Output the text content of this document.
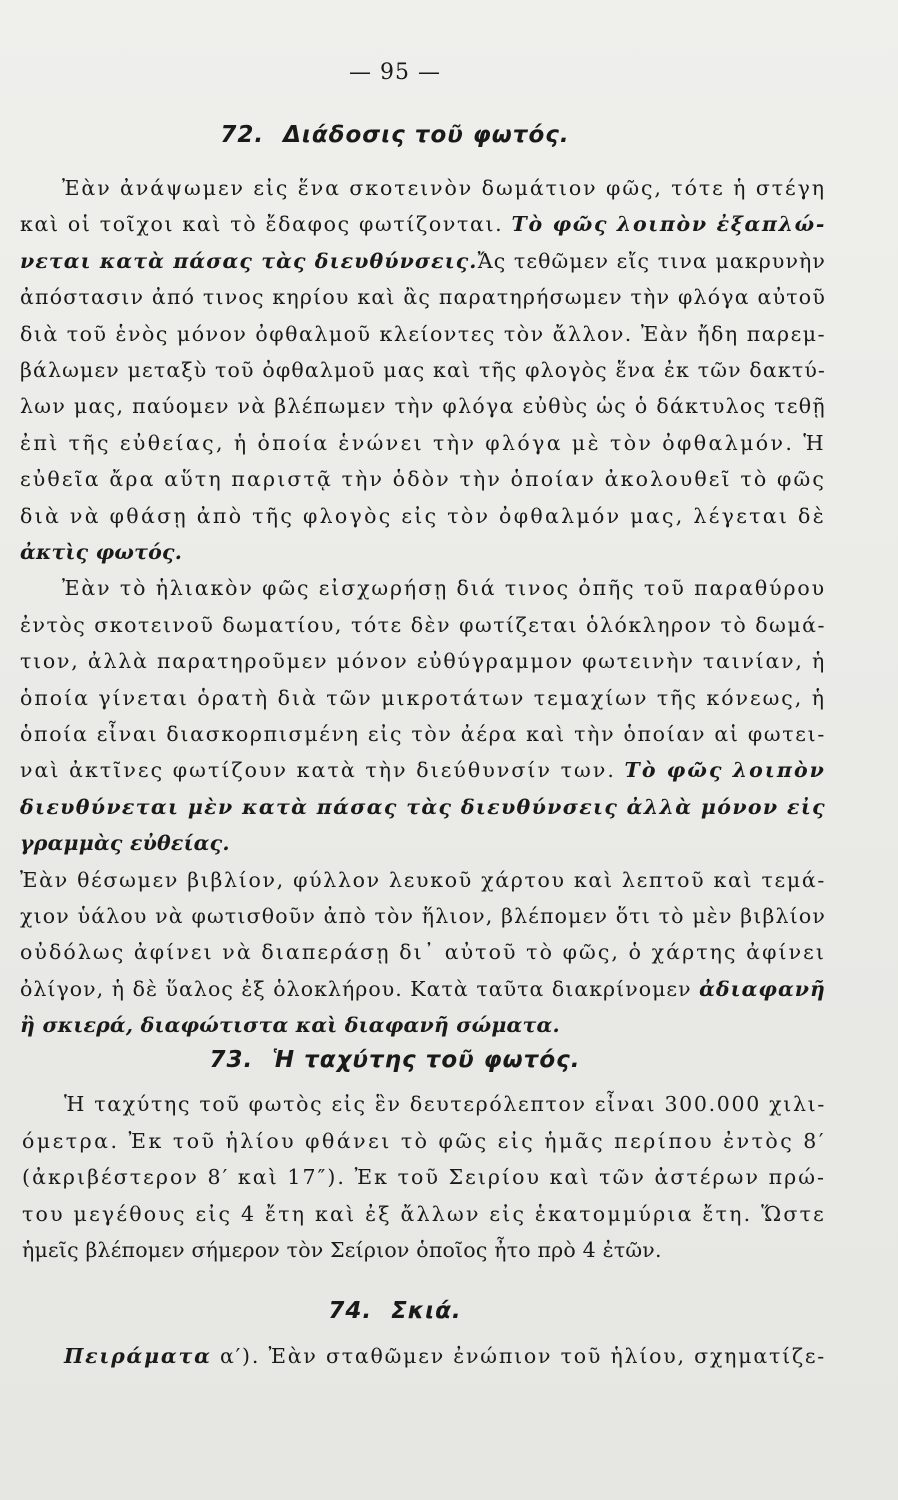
— 95 —
72. Διάδοσις τοῦ φωτός.
Ἐὰν ἀνάψωμεν εἰς ἕνα σκοτεινὸν δωμάτιον φῶς, τότε ἡ στέγη
καὶ οἱ τοῖχοι καὶ τὸ ἔδαφος φωτίζονται. Τὸ φῶς λοιπὸν ἐξαπλώ-
νεται κατὰ πάσας τὰς διευθύνσεις.Ἄς τεθῶμεν εἴς τινα μακρυνὴν
ἀπόστασιν ἀπό τινος κηρίου καὶ ἂς παρατηρήσωμεν τὴν φλόγα αὐτοῦ
διὰ τοῦ ἑνὸς μόνον ὀφθαλμοῦ κλείοντες τὸν ἄλλον. Ἐὰν ἤδη παρεμ-
βάλωμεν μεταξὺ τοῦ ὀφθαλμοῦ μας καὶ τῆς φλογὸς ἕνα ἐκ τῶν δακτύ-
λων μας, παύομεν νὰ βλέπωμεν τὴν φλόγα εὐθὺς ὡς ὁ δάκτυλος τεθῇ
ἐπὶ τῆς εὐθείας, ἡ ὁποία ἑνώνει τὴν φλόγα μὲ τὸν ὀφθαλμόν. Ἡ
εὐθεῖα ἄρα αὕτη παριστᾷ τὴν ὁδὸν τὴν ὁποίαν ἀκολουθεῖ τὸ φῶς
διὰ νὰ φθάσῃ ἀπὸ τῆς φλογὸς εἰς τὸν ὀφθαλμόν μας, λέγεται δὲ
ἀκτὶς φωτός.
Ἐὰν τὸ ἡλιακὸν φῶς εἰσχωρήσῃ διά τινος ὀπῆς τοῦ παραθύρου
ἐντὸς σκοτεινοῦ δωματίου, τότε δὲν φωτίζεται ὁλόκληρον τὸ δωμά-
τιον, ἀλλὰ παρατηροῦμεν μόνον εὐθύγραμμον φωτεινὴν ταινίαν, ἡ
ὁποία γίνεται ὁρατὴ διὰ τῶν μικροτάτων τεμαχίων τῆς κόνεως, ἡ
ὁποία εἶναι διασκορπισμένη εἰς τὸν ἀέρα καὶ τὴν ὁποίαν αἱ φωτει-
ναὶ ἀκτῖνες φωτίζουν κατὰ τὴν διεύθυνσίν των. Τὸ φῶς λοιπὸν
διευθύνεται μὲν κατὰ πάσας τὰς διευθύνσεις ἀλλὰ μόνον εἰς
γραμμὰς εὐθείας.
Ἐὰν θέσωμεν βιβλίον, φύλλον λευκοῦ χάρτου καὶ λεπτοῦ καὶ τεμά-
χιον ὑάλου νὰ φωτισθοῦν ἀπὸ τὸν ἥλιον, βλέπομεν ὅτι τὸ μὲν βιβλίον
οὐδόλως ἀφίνει νὰ διαπεράσῃ δι᾿ αὐτοῦ τὸ φῶς, ὁ χάρτης ἀφίνει
ὀλίγον, ἡ δὲ ὕαλος ἐξ ὁλοκλήρου. Κατὰ ταῦτα διακρίνομεν ἀδιαφανῆ
ἢ σκιερά, διαφώτιστα καὶ διαφανῆ σώματα.
73. Ἡ ταχύτης τοῦ φωτός.
Ἡ ταχύτης τοῦ φωτὸς εἰς ἓν δευτερόλεπτον εἶναι 300.000 χιλι-
όμετρα. Ἐκ τοῦ ἡλίου φθάνει τὸ φῶς εἰς ἡμᾶς περίπου ἐντὸς 8′
(ἀκριβέστερον 8′ καὶ 17″). Ἐκ τοῦ Σειρίου καὶ τῶν ἀστέρων πρώ-
του μεγέθους εἰς 4 ἔτη καὶ ἐξ ἄλλων εἰς ἑκατομμύρια ἔτη. Ὥστε
ἡμεῖς βλέπομεν σήμερον τὸν Σείριον ὁποῖος ἦτο πρὸ 4 ἐτῶν.
74. Σκιά.
Πειράματα α′). Ἐὰν σταθῶμεν ἐνώπιον τοῦ ἡλίου, σχηματίζε-
